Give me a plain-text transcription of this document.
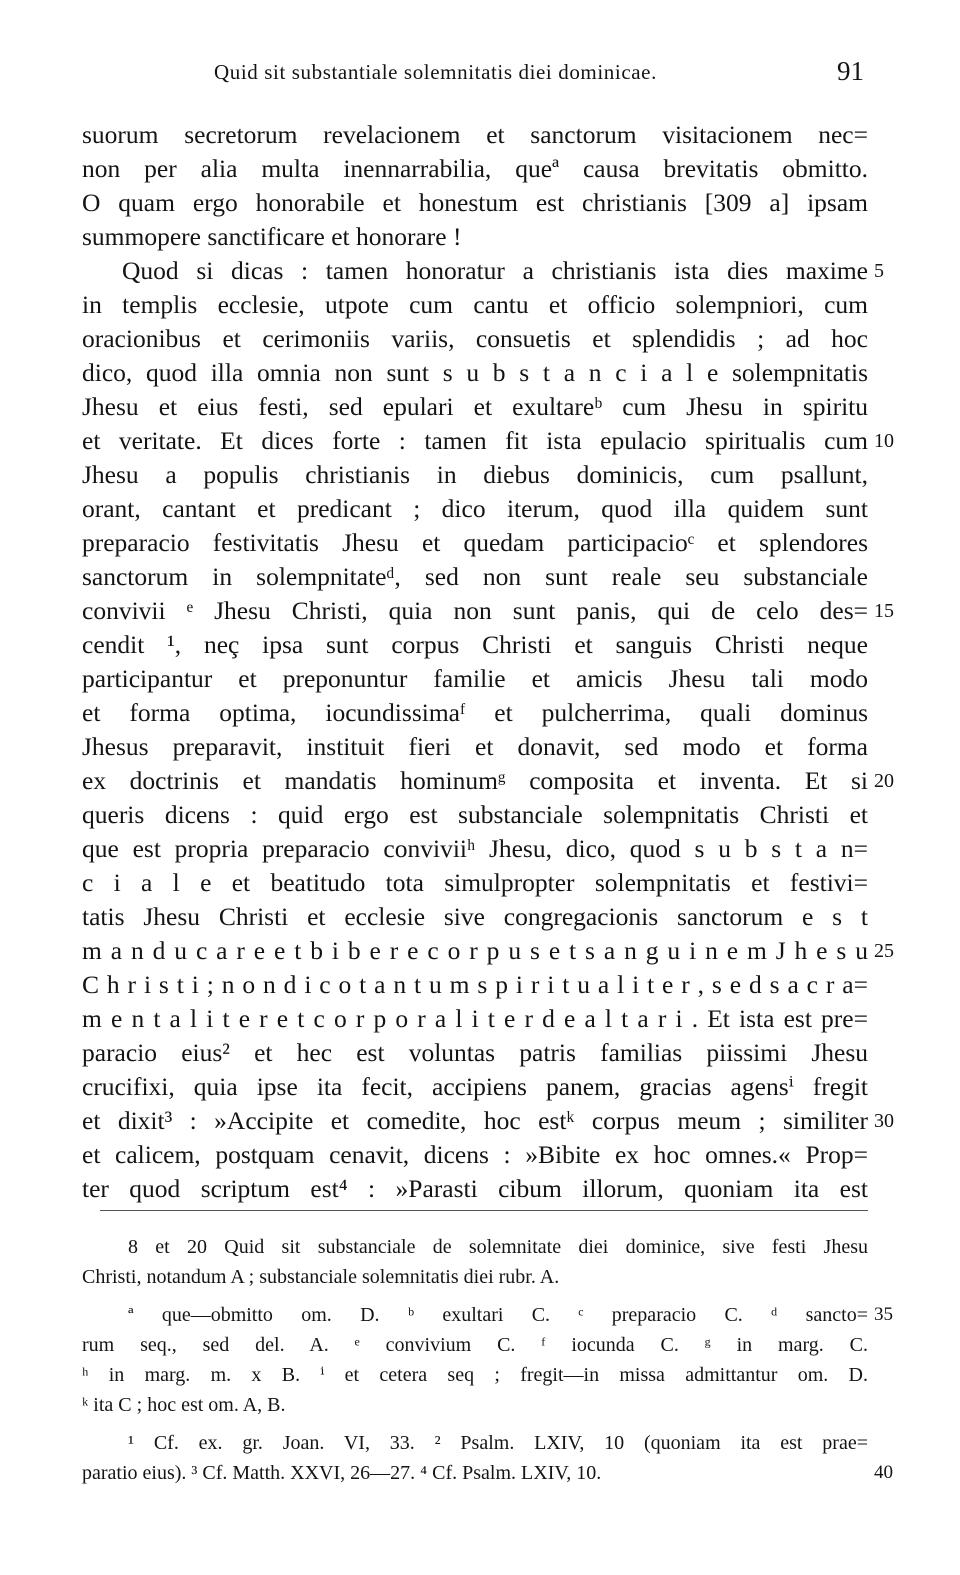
Quid sit substantiale solemnitatis diei dominicae.	91
suorum secretorum revelacionem et sanctorum visitacionem nec=
non per alia multa inennarrabilia, queª causa brevitatis obmitto.
O quam ergo honorabile et honestum est christianis [309 a] ipsam
summopere sanctificare et honorare !
Quod si dicas : tamen honoratur a christianis ista dies maxime 5
in templis ecclesie, utpote cum cantu et officio solempniori, cum
oracionibus et cerimoniis variis, consuetis et splendidis ; ad hoc
dico, quod illa omnia non sunt s u b s t a n c i a l e solempnitatis
Jhesu et eius festi, sed epulari et exultareᵇ cum Jhesu in spiritu
et veritate. Et dices forte : tamen fit ista epulacio spiritualis cum 10
Jhesu a populis christianis in diebus dominicis, cum psallunt,
orant, cantant et predicant ; dico iterum, quod illa quidem sunt
preparacio festivitatis Jhesu et quedam participacioᶜ et splendores
sanctorum in solempnitateᵈ, sed non sunt reale seu substanciale
convivii ᵉ Jhesu Christi, quia non sunt panis, qui de celo des= 15
cendit ¹, neç ipsa sunt corpus Christi et sanguis Christi neque
participantur et preponuntur familie et amicis Jhesu tali modo
et forma optima, iocundissimaᶠ et pulcherrima, quali dominus
Jhesus preparavit, instituit fieri et donavit, sed modo et forma
ex doctrinis et mandatis hominumᵍ composita et inventa. Et si 20
queris dicens : quid ergo est substanciale solempnitatis Christi et
que est propria preparacio conviviiʰ Jhesu, dico, quod s u b s t a n=
c i a l e et beatitudo tota simulpropter solempnitatis et festivi=
tatis Jhesu Christi et ecclesie sive congregacionis sanctorum e s t
m a n d u c a r e e t b i b e r e c o r p u s e t s a n g u i n e m J h e s u 25
C h r i s t i ; n o n d i c o t a n t u m s p i r i t u a l i t e r , s e d s a c r a=
m e n t a l i t e r e t c o r p o r a l i t e r d e a l t a r i . Et ista est pre=
paracio eius² et hec est voluntas patris familias piissimi Jhesu
crucifixi, quia ipse ita fecit, accipiens panem, gracias agensⁱ fregit
et dixit³ : »Accipite et comedite, hoc estᵏ corpus meum ; similiter 30
et calicem, postquam cenavit, dicens : »Bibite ex hoc omnes.« Prop=
ter quod scriptum est⁴ : »Parasti cibum illorum, quoniam ita est
8 et 20 Quid sit substanciale de solemnitate diei dominice, sive festi Jhesu
Christi, notandum A ; substanciale solemnitatis diei rubr. A.
ª que—obmitto om. D. ᵇ exultari C. ᶜ preparacio C. ᵈ sancto= 35
rum seq., sed del. A. ᵉ convivium C. ᶠ iocunda C. ᵍ in marg. C.
ʰ in marg. m. x B. ⁱ et cetera seq ; fregit—in missa admittantur om. D.
ᵏ ita C ; hoc est om. A, B.
¹ Cf. ex. gr. Joan. VI, 33. ² Psalm. LXIV, 10 (quoniam ita est prae=
paratio eius). ³ Cf. Matth. XXVI, 26—27. ⁴ Cf. Psalm. LXIV, 10.	40
